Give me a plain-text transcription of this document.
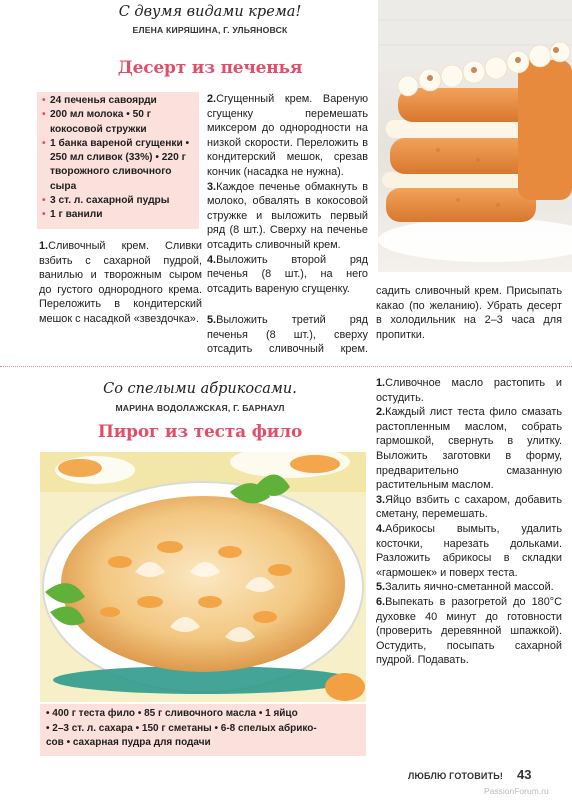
С двумя видами крема!
ЕЛЕНА КИРЯШИНА, Г. УЛЬЯНОВСК
Десерт из печенья
• 24 печенья савоярди
• 200 мл молока • 50 г кокосовой стружки
• 1 банка вареной сгущенки • 250 мл сливок (33%) • 220 г творожного сливочного сыра
• 3 ст. л. сахарной пудры
• 1 г ванили

1.Сливочный крем. Сливки взбить с сахарной пудрой, ванилью и творожным сыром до густого однородного крема. Переложить в кондитерский мешок с насадкой «звездочка».

2.Сгущенный крем. Вареную сгущенку перемешать миксером до однородности на низкой скорости. Переложить в кондитерский мешок, срезав кончик (насадка не нужна).

3.Каждое печенье обмакнуть в молоко, обвалять в кокосовой стружке и выложить первый ряд (8 шт.). Сверху на печенье отсадить сливочный крем.

4.Выложить второй ряд печенья (8 шт.), на него отсадить вареную сгущенку.

5.Выложить третий ряд печенья (8 шт.), сверху отсадить сливочный крем.

садить сливочный крем. Присыпать какао (по желанию). Убрать десерт в холодильник на 2–3 часа для пропитки.

Со спелыми абрикосами.
МАРИНА ВОДОЛАЖСКАЯ, Г. БАРНАУЛ
Пирог из теста фило
• 400 г теста фило • 85 г сливочного масла • 1 яйцо
• 2–3 ст. л. сахара • 150 г сметаны • 6-8 спелых абрико-
сов • сахарная пудра для подачи

1.Сливочное масло растопить и остудить.

2.Каждый лист теста фило смазать растопленным маслом, собрать гармошкой, свернуть в улитку. Выложить заготовки в форму, предварительно смазанную растительным маслом.

3.Яйцо взбить с сахаром, добавить сметану, перемешать.

4.Абрикосы вымыть, удалить косточки, нарезать дольками. Разложить абрикосы в складки «гармошек» и поверх теста.

5.Залить яично-сметанной массой.

6.Выпекать в разогретой до 180°С духовке 40 минут до готовности (проверить деревянной шпажкой). Остудить, посыпать сахарной пудрой. Подавать.

ЛЮБЛЮ ГОТОВИТЬ! 43
PassionForum.ru
